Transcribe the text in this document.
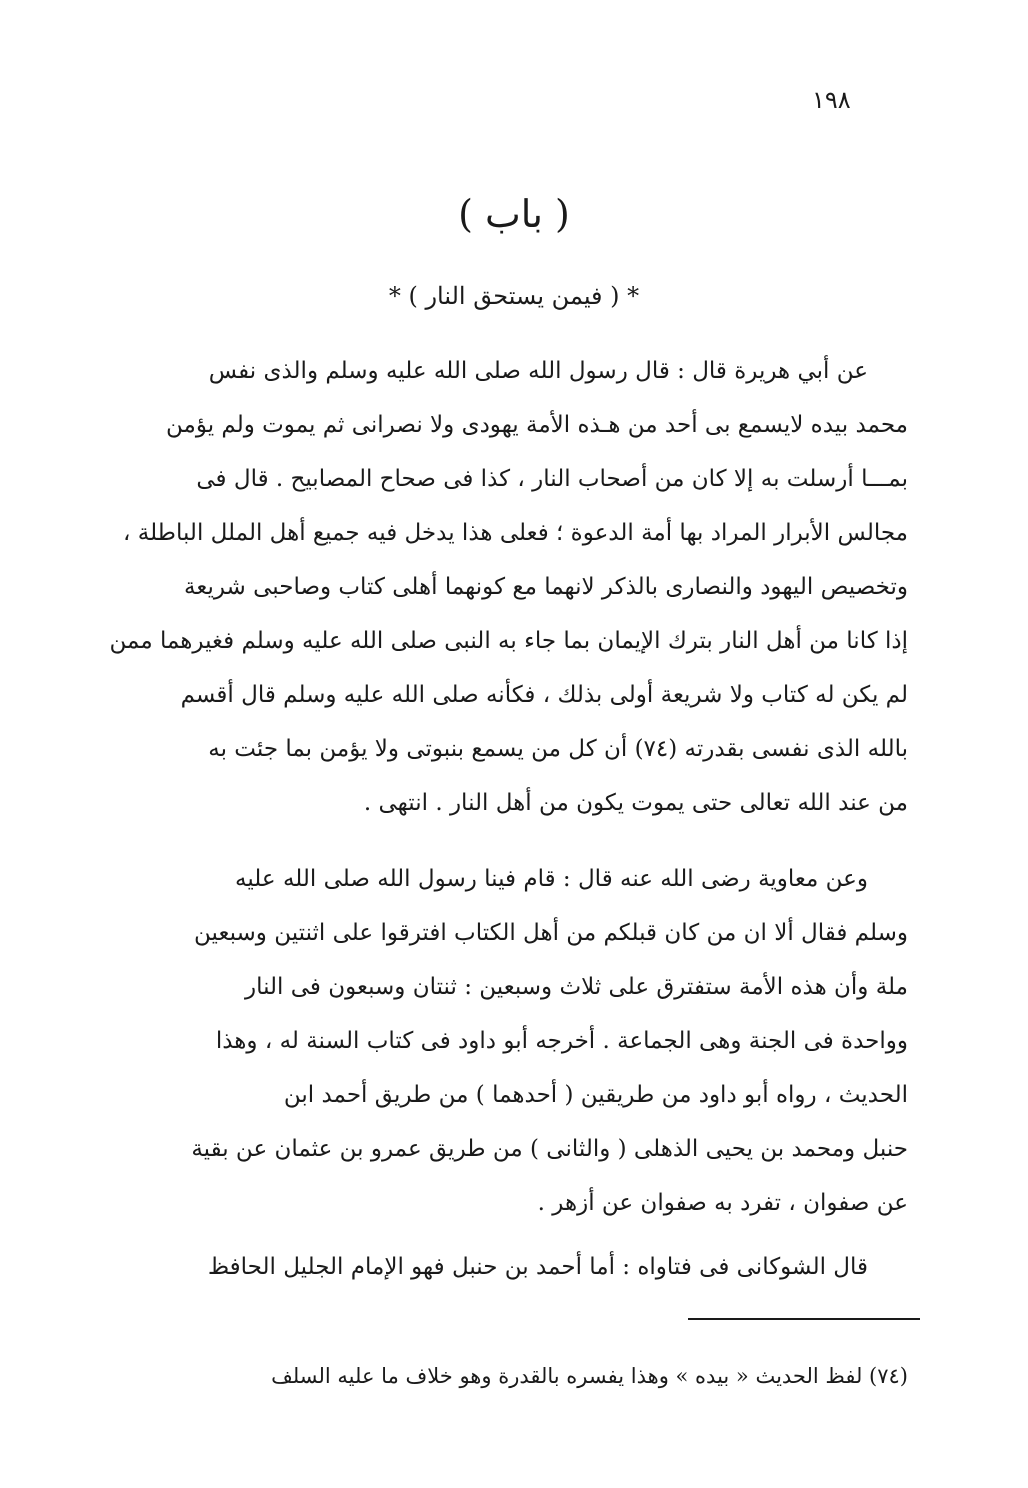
١٩٨
( باب )
* ( فيمن يستحق النار ) *
عن أبي هريرة قال : قال رسول الله صلى الله عليه وسلم والذى نفس
محمد بيده لايسمع بى أحد من هـذه الأمة يهودى ولا نصرانى ثم يموت ولم يؤمن
بمـــا أرسلت به إلا كان من أصحاب النار ، كذا فى صحاح المصابيح . قال فى
مجالس الأبرار المراد بها أمة الدعوة ؛ فعلى هذا يدخل فيه جميع أهل الملل الباطلة ،
وتخصيص اليهود والنصارى بالذكر لانهما مع كونهما أهلى كتاب وصاحبى شريعة
إذا كانا من أهل النار بترك الإيمان بما جاء به النبى صلى الله عليه وسلم فغيرهما ممن
لم يكن له كتاب ولا شريعة أولى بذلك ، فكأنه صلى الله عليه وسلم قال أقسم
بالله الذى نفسى بقدرته (٧٤) أن كل من يسمع بنبوتى ولا يؤمن بما جئت به
من عند الله تعالى حتى يموت يكون من أهل النار . انتهى .
وعن معاوية رضى الله عنه قال : قام فينا رسول الله صلى الله عليه
وسلم فقال ألا ان من كان قبلكم من أهل الكتاب افترقوا على اثنتين وسبعين
ملة وأن هذه الأمة ستفترق على ثلاث وسبعين : ثنتان وسبعون فى النار
وواحدة فى الجنة وهى الجماعة . أخرجه أبو داود فى كتاب السنة له ، وهذا
الحديث ، رواه أبو داود من طريقين ( أحدهما ) من طريق أحمد ابن
حنبل ومحمد بن يحيى الذهلى ( والثانى ) من طريق عمرو بن عثمان عن بقية
عن صفوان ، تفرد به صفوان عن أزهر .
قال الشوكانى فى فتاواه : أما أحمد بن حنبل فهو الإمام الجليل الحافظ
(٧٤) لفظ الحديث « بيده » وهذا يفسره بالقدرة وهو خلاف ما عليه السلف
